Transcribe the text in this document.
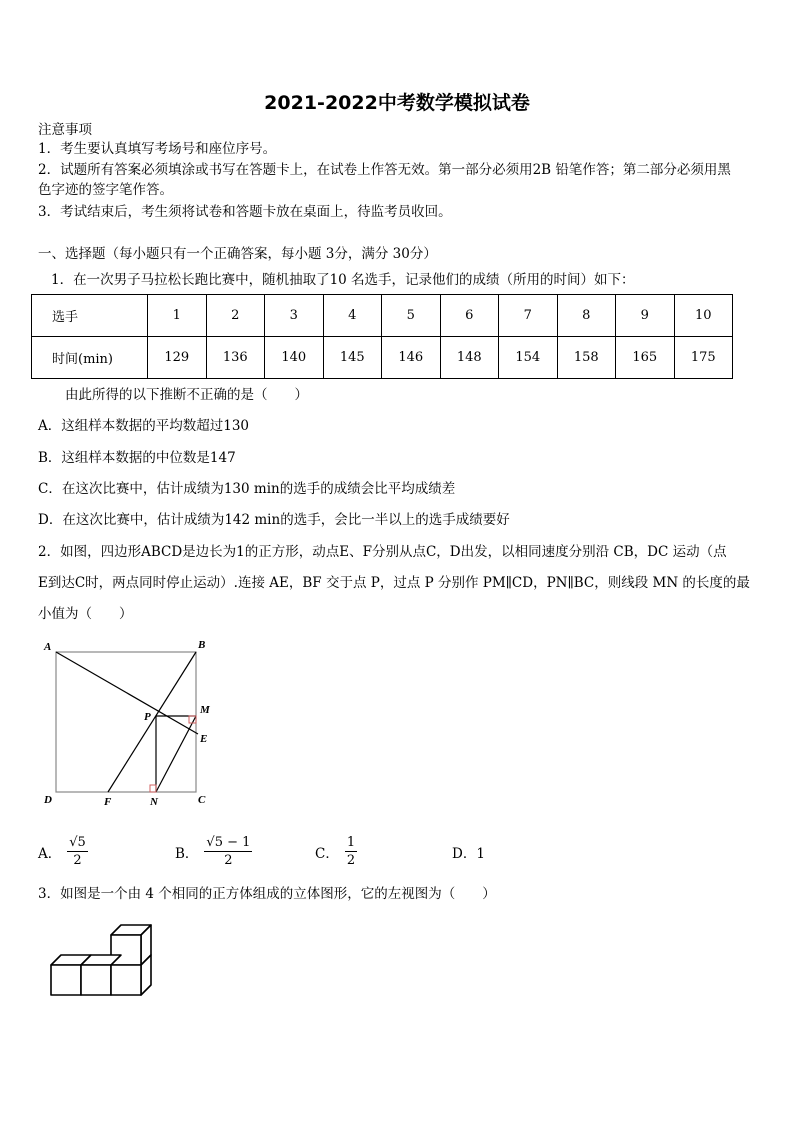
2021-2022中考数学模拟试卷
注意事项
1．考生要认真填写考场号和座位序号。
2．试题所有答案必须填涂或书写在答题卡上，在试卷上作答无效。第一部分必须用2B 铅笔作答；第二部分必须用黑
色字迹的签字笔作答。
3．考试结束后，考生须将试卷和答题卡放在桌面上，待监考员收回。
一、选择题（每小题只有一个正确答案，每小题 3分，满分 30分）
1．在一次男子马拉松长跑比赛中，随机抽取了10 名选手，记录他们的成绩（所用的时间）如下：
选手	1	2	3	4	5	6	7	8	9	10
时间(min)	129	136	140	145	146	148	154	158	165	175
由此所得的以下推断不正确的是（　　）
A．这组样本数据的平均数超过130
B．这组样本数据的中位数是147
C．在这次比赛中，估计成绩为130 min的选手的成绩会比平均成绩差
D．在这次比赛中，估计成绩为142 min的选手，会比一半以上的选手成绩要好
2．如图，四边形ABCD是边长为1的正方形，动点E、F分别从点C，D出发，以相同速度分别沿 CB，DC 运动（点
E到达C时，两点同时停止运动）.连接 AE，BF 交于点 P，过点 P 分别作 PM∥CD，PN∥BC，则线段 MN 的长度的最
小值为（　　）
A	B
C
D
E
F
M
N
P
A． $\frac{√5}{2}$	B． $\frac{√5 - 1}{2}$	C． $\frac{1}{2}$	D．1
3．如图是一个由 4 个相同的正方体组成的立体图形，它的左视图为（　　）
